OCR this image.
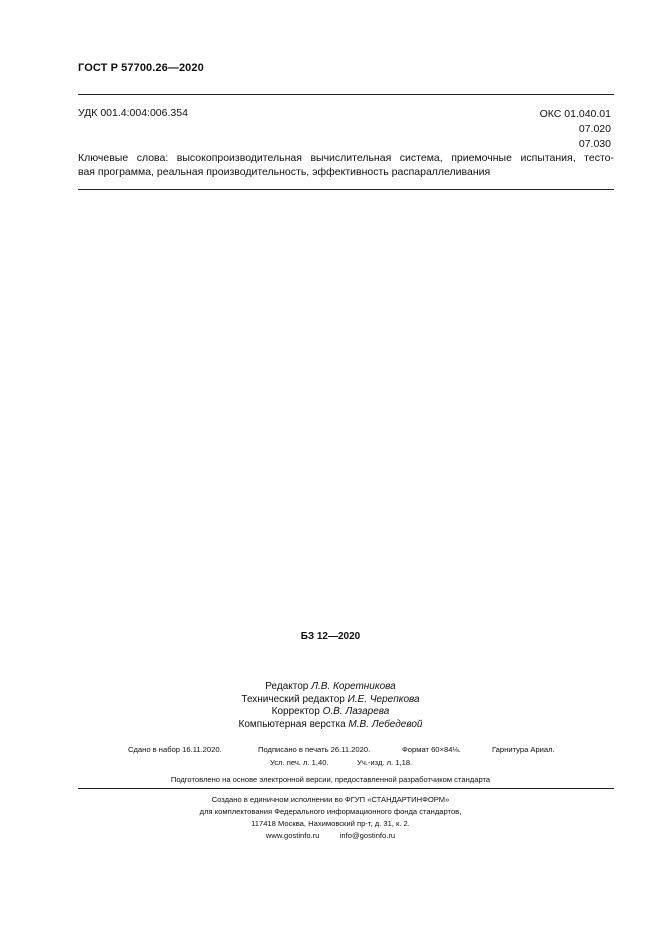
ГОСТ Р 57700.26—2020
УДК 001.4:004:006.354	ОКС 01.040.01
07.020
07.030
Ключевые слова: высокопроизводительная вычислительная система, приемочные испытания, тесто-
вая программа, реальная производительность, эффективность распараллеливания
БЗ 12—2020
Редактор Л.В. Коретникова
Технический редактор И.Е. Черепкова
Корректор О.В. Лазарева
Компьютерная верстка М.В. Лебедевой
Сдано в набор 16.11.2020.	Подписано в печать 26.11.2020.	Формат 60×84⅛.	Гарнитура Ариал.
Усл. печ. л. 1,40.	Уч.-изд. л. 1,18.
Подготовлено на основе электронной версии, предоставленной разработчиком стандарта
Создано в единичном исполнении во ФГУП «СТАНДАРТИНФОРМ»
для комплектования Федерального информационного фонда стандартов,
117418 Москва, Нахимовский пр-т, д. 31, к. 2.
www.gostinfo.ru	info@gostinfo.ru
